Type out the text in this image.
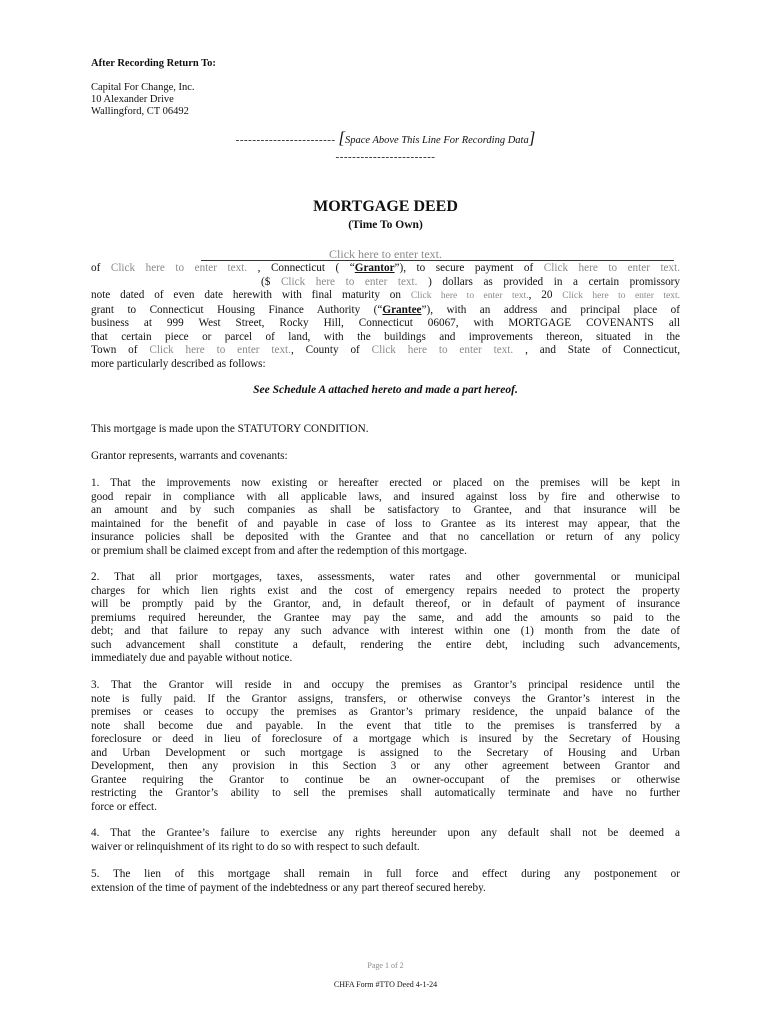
After Recording Return To:
Capital For Change, Inc.
10 Alexander Drive
Wallingford, CT 06492
------------------------ [Space Above This Line For Recording Data]
------------------------
MORTGAGE DEED
(Time To Own)
Click here to enter text.
of Click here to enter text. , Connecticut ( “Grantor”), to secure payment of Click here to enter text.
($ Click here to enter text. ) dollars as provided in a certain promissory
note dated of even date herewith with final maturity on Click here to enter text., 20 Click here to enter text.
grant to Connecticut Housing Finance Authority (“Grantee”), with an address and principal place of
business at 999 West Street, Rocky Hill, Connecticut 06067, with MORTGAGE COVENANTS all
that certain piece or parcel of land, with the buildings and improvements thereon, situated in the
Town of Click here to enter text., County of Click here to enter text. , and State of Connecticut,
more particularly described as follows:
See Schedule A attached hereto and made a part hereof.
This mortgage is made upon the STATUTORY CONDITION.
Grantor represents, warrants and covenants:
1. That the improvements now existing or hereafter erected or placed on the premises will be kept in
good repair in compliance with all applicable laws, and insured against loss by fire and otherwise to
an amount and by such companies as shall be satisfactory to Grantee, and that insurance will be
maintained for the benefit of and payable in case of loss to Grantee as its interest may appear, that the
insurance policies shall be deposited with the Grantee and that no cancellation or return of any policy
or premium shall be claimed except from and after the redemption of this mortgage.
2. That all prior mortgages, taxes, assessments, water rates and other governmental or municipal
charges for which lien rights exist and the cost of emergency repairs needed to protect the property
will be promptly paid by the Grantor, and, in default thereof, or in default of payment of insurance
premiums required hereunder, the Grantee may pay the same, and add the amounts so paid to the
debt; and that failure to repay any such advance with interest within one (1) month from the date of
such advancement shall constitute a default, rendering the entire debt, including such advancements,
immediately due and payable without notice.
3. That the Grantor will reside in and occupy the premises as Grantor’s principal residence until the
note is fully paid. If the Grantor assigns, transfers, or otherwise conveys the Grantor’s interest in the
premises or ceases to occupy the premises as Grantor’s primary residence, the unpaid balance of the
note shall become due and payable. In the event that title to the premises is transferred by a
foreclosure or deed in lieu of foreclosure of a mortgage which is insured by the Secretary of Housing
and Urban Development or such mortgage is assigned to the Secretary of Housing and Urban
Development, then any provision in this Section 3 or any other agreement between Grantor and
Grantee requiring the Grantor to continue be an owner-occupant of the premises or otherwise
restricting the Grantor’s ability to sell the premises shall automatically terminate and have no further
force or effect.
4. That the Grantee’s failure to exercise any rights hereunder upon any default shall not be deemed a
waiver or relinquishment of its right to do so with respect to such default.
5. The lien of this mortgage shall remain in full force and effect during any postponement or
extension of the time of payment of the indebtedness or any part thereof secured hereby.
Page 1 of 2
CHFA Form #TTO Deed 4-1-24
